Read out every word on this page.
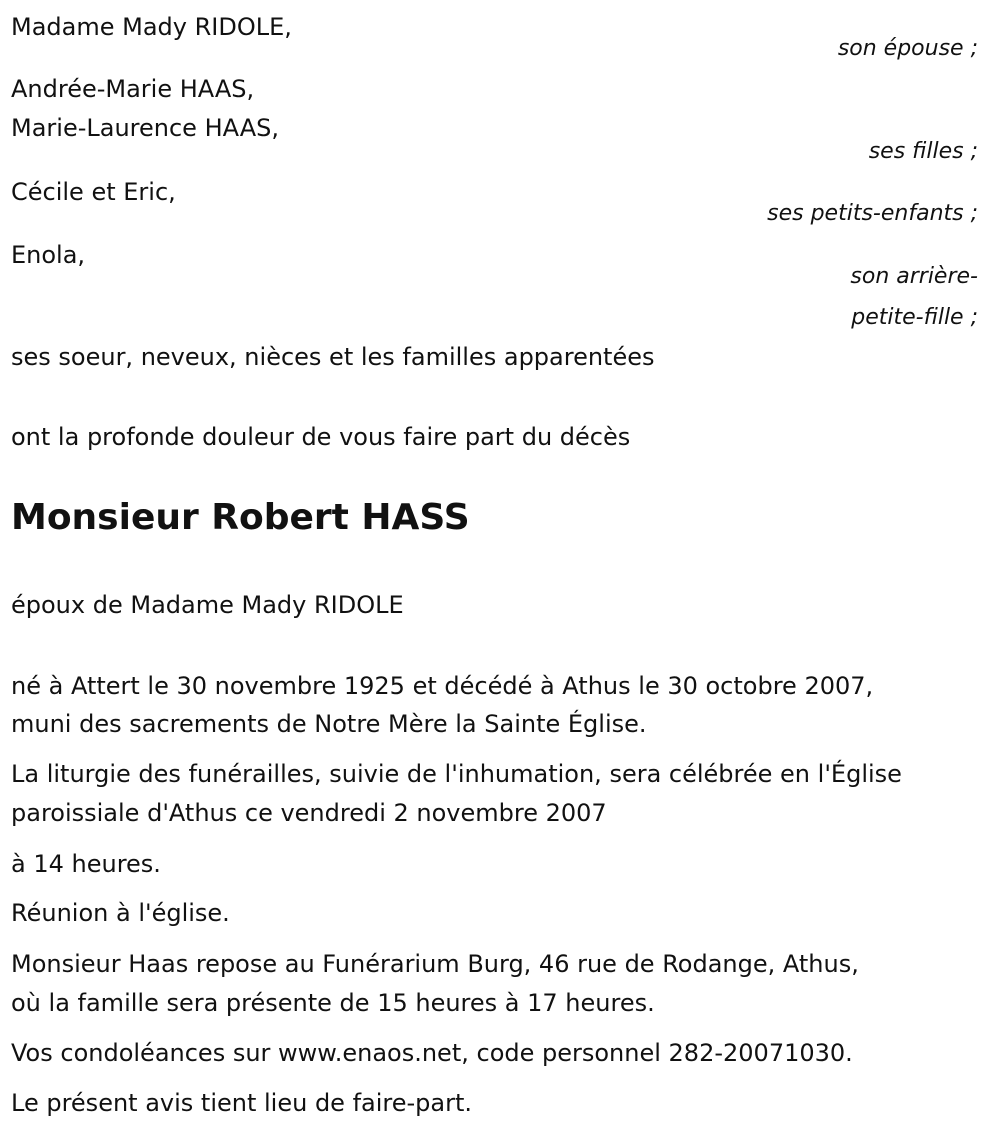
Madame Mady RIDOLE,
son épouse ;
Andrée-Marie HAAS,
Marie-Laurence HAAS,
ses filles ;
Cécile et Eric,
ses petits-enfants ;
Enola,
son arrière-
petite-fille ;
ses soeur, neveux, nièces et les familles apparentées
ont la profonde douleur de vous faire part du décès
Monsieur Robert HASS
époux de Madame Mady RIDOLE
né à Attert le 30 novembre 1925 et décédé à Athus le 30 octobre 2007,
muni des sacrements de Notre Mère la Sainte Église.
La liturgie des funérailles, suivie de l'inhumation, sera célébrée en l'Église
paroissiale d'Athus ce vendredi 2 novembre 2007
à 14 heures.
Réunion à l'église.
Monsieur Haas repose au Funérarium Burg, 46 rue de Rodange, Athus,
où la famille sera présente de 15 heures à 17 heures.
Vos condoléances sur www.enaos.net, code personnel 282-20071030.
Le présent avis tient lieu de faire-part.
